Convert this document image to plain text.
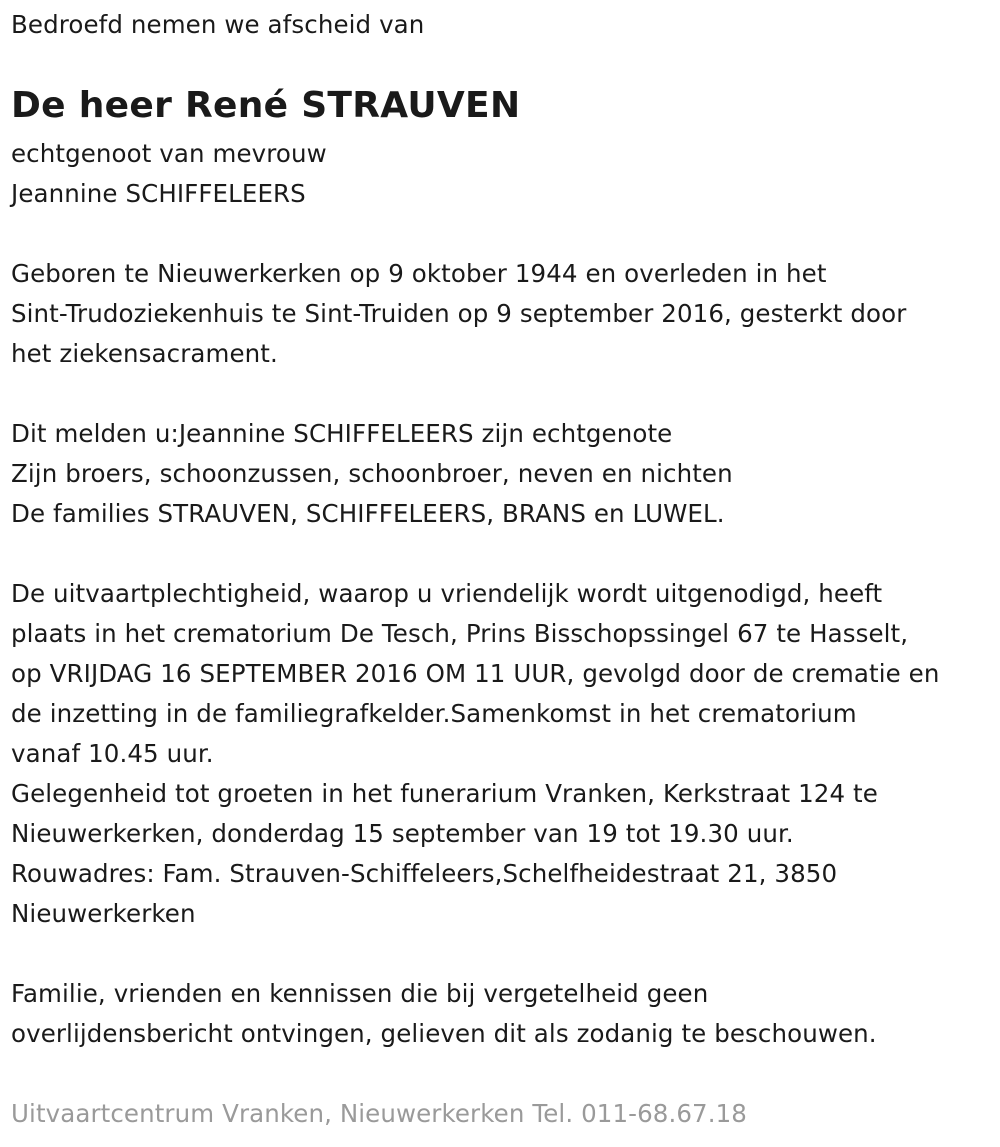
Bedroefd nemen we afscheid van
De heer René STRAUVEN
echtgenoot van mevrouw
Jeannine SCHIFFELEERS
Geboren te Nieuwerkerken op 9 oktober 1944 en overleden in het
Sint-Trudoziekenhuis te Sint-Truiden op 9 september 2016, gesterkt door
het ziekensacrament.
Dit melden u:Jeannine SCHIFFELEERS zijn echtgenote
Zijn broers, schoonzussen, schoonbroer, neven en nichten
De families STRAUVEN, SCHIFFELEERS, BRANS en LUWEL.
De uitvaartplechtigheid, waarop u vriendelijk wordt uitgenodigd, heeft
plaats in het crematorium De Tesch, Prins Bisschopssingel 67 te Hasselt,
op VRIJDAG 16 SEPTEMBER 2016 OM 11 UUR, gevolgd door de crematie en
de inzetting in de familiegrafkelder.Samenkomst in het crematorium
vanaf 10.45 uur.
Gelegenheid tot groeten in het funerarium Vranken, Kerkstraat 124 te
Nieuwerkerken, donderdag 15 september van 19 tot 19.30 uur.
Rouwadres: Fam. Strauven-Schiffeleers,Schelfheidestraat 21, 3850
Nieuwerkerken
Familie, vrienden en kennissen die bij vergetelheid geen
overlijdensbericht ontvingen, gelieven dit als zodanig te beschouwen.
Uitvaartcentrum Vranken, Nieuwerkerken Tel. 011-68.67.18
